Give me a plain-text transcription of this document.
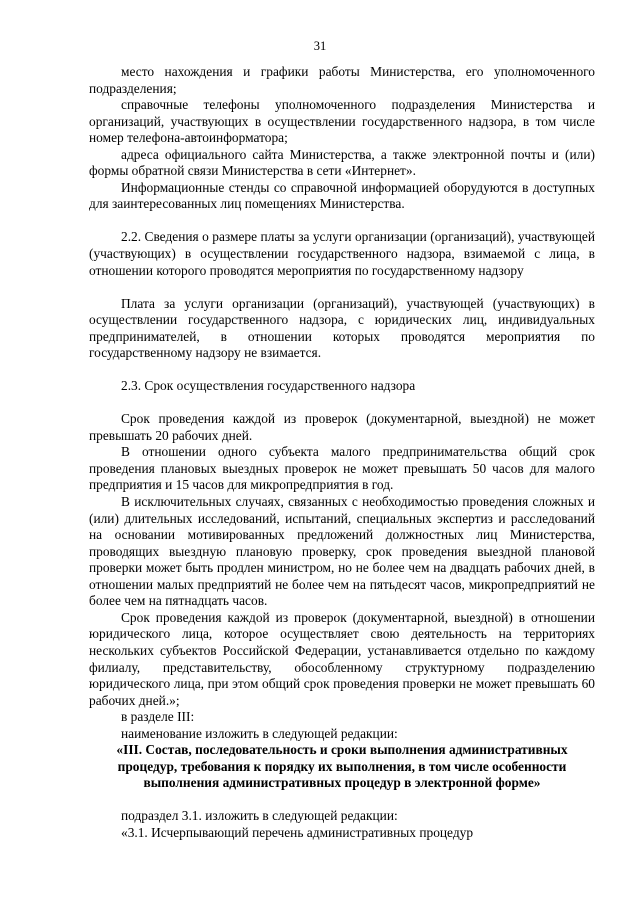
31

место нахождения и графики работы Министерства, его уполномоченного подразделения;

справочные телефоны уполномоченного подразделения Министерства и организаций, участвующих в осуществлении государственного надзора, в том числе номер телефона-автоинформатора;

адреса официального сайта Министерства, а также электронной почты и (или) формы обратной связи Министерства в сети «Интернет».

Информационные стенды со справочной информацией оборудуются в доступных для заинтересованных лиц помещениях Министерства.

2.2. Сведения о размере платы за услуги организации (организаций), участвующей (участвующих) в осуществлении государственного надзора, взимаемой с лица, в отношении которого проводятся мероприятия по государственному надзору

Плата за услуги организации (организаций), участвующей (участвующих) в осуществлении государственного надзора, с юридических лиц, индивидуальных предпринимателей, в отношении которых проводятся мероприятия по государственному надзору не взимается.

2.3. Срок осуществления государственного надзора

Срок проведения каждой из проверок (документарной, выездной) не может превышать 20 рабочих дней.

В отношении одного субъекта малого предпринимательства общий срок проведения плановых выездных проверок не может превышать 50 часов для малого предприятия и 15 часов для микропредприятия в год.

В исключительных случаях, связанных с необходимостью проведения сложных и (или) длительных исследований, испытаний, специальных экспертиз и расследований на основании мотивированных предложений должностных лиц Министерства, проводящих выездную плановую проверку, срок проведения выездной плановой проверки может быть продлен министром, но не более чем на двадцать рабочих дней, в отношении малых предприятий не более чем на пятьдесят часов, микропредприятий не более чем на пятнадцать часов.

Срок проведения каждой из проверок (документарной, выездной) в отношении юридического лица, которое осуществляет свою деятельность на территориях нескольких субъектов Российской Федерации, устанавливается отдельно по каждому филиалу, представительству, обособленному структурному подразделению юридического лица, при этом общий срок проведения проверки не может превышать 60 рабочих дней.»;

в разделе III:

наименование изложить в следующей редакции:

«III. Состав, последовательность и сроки выполнения административных процедур, требования к порядку их выполнения, в том числе особенности выполнения административных процедур в электронной форме»

подраздел 3.1. изложить в следующей редакции:

«3.1. Исчерпывающий перечень административных процедур
